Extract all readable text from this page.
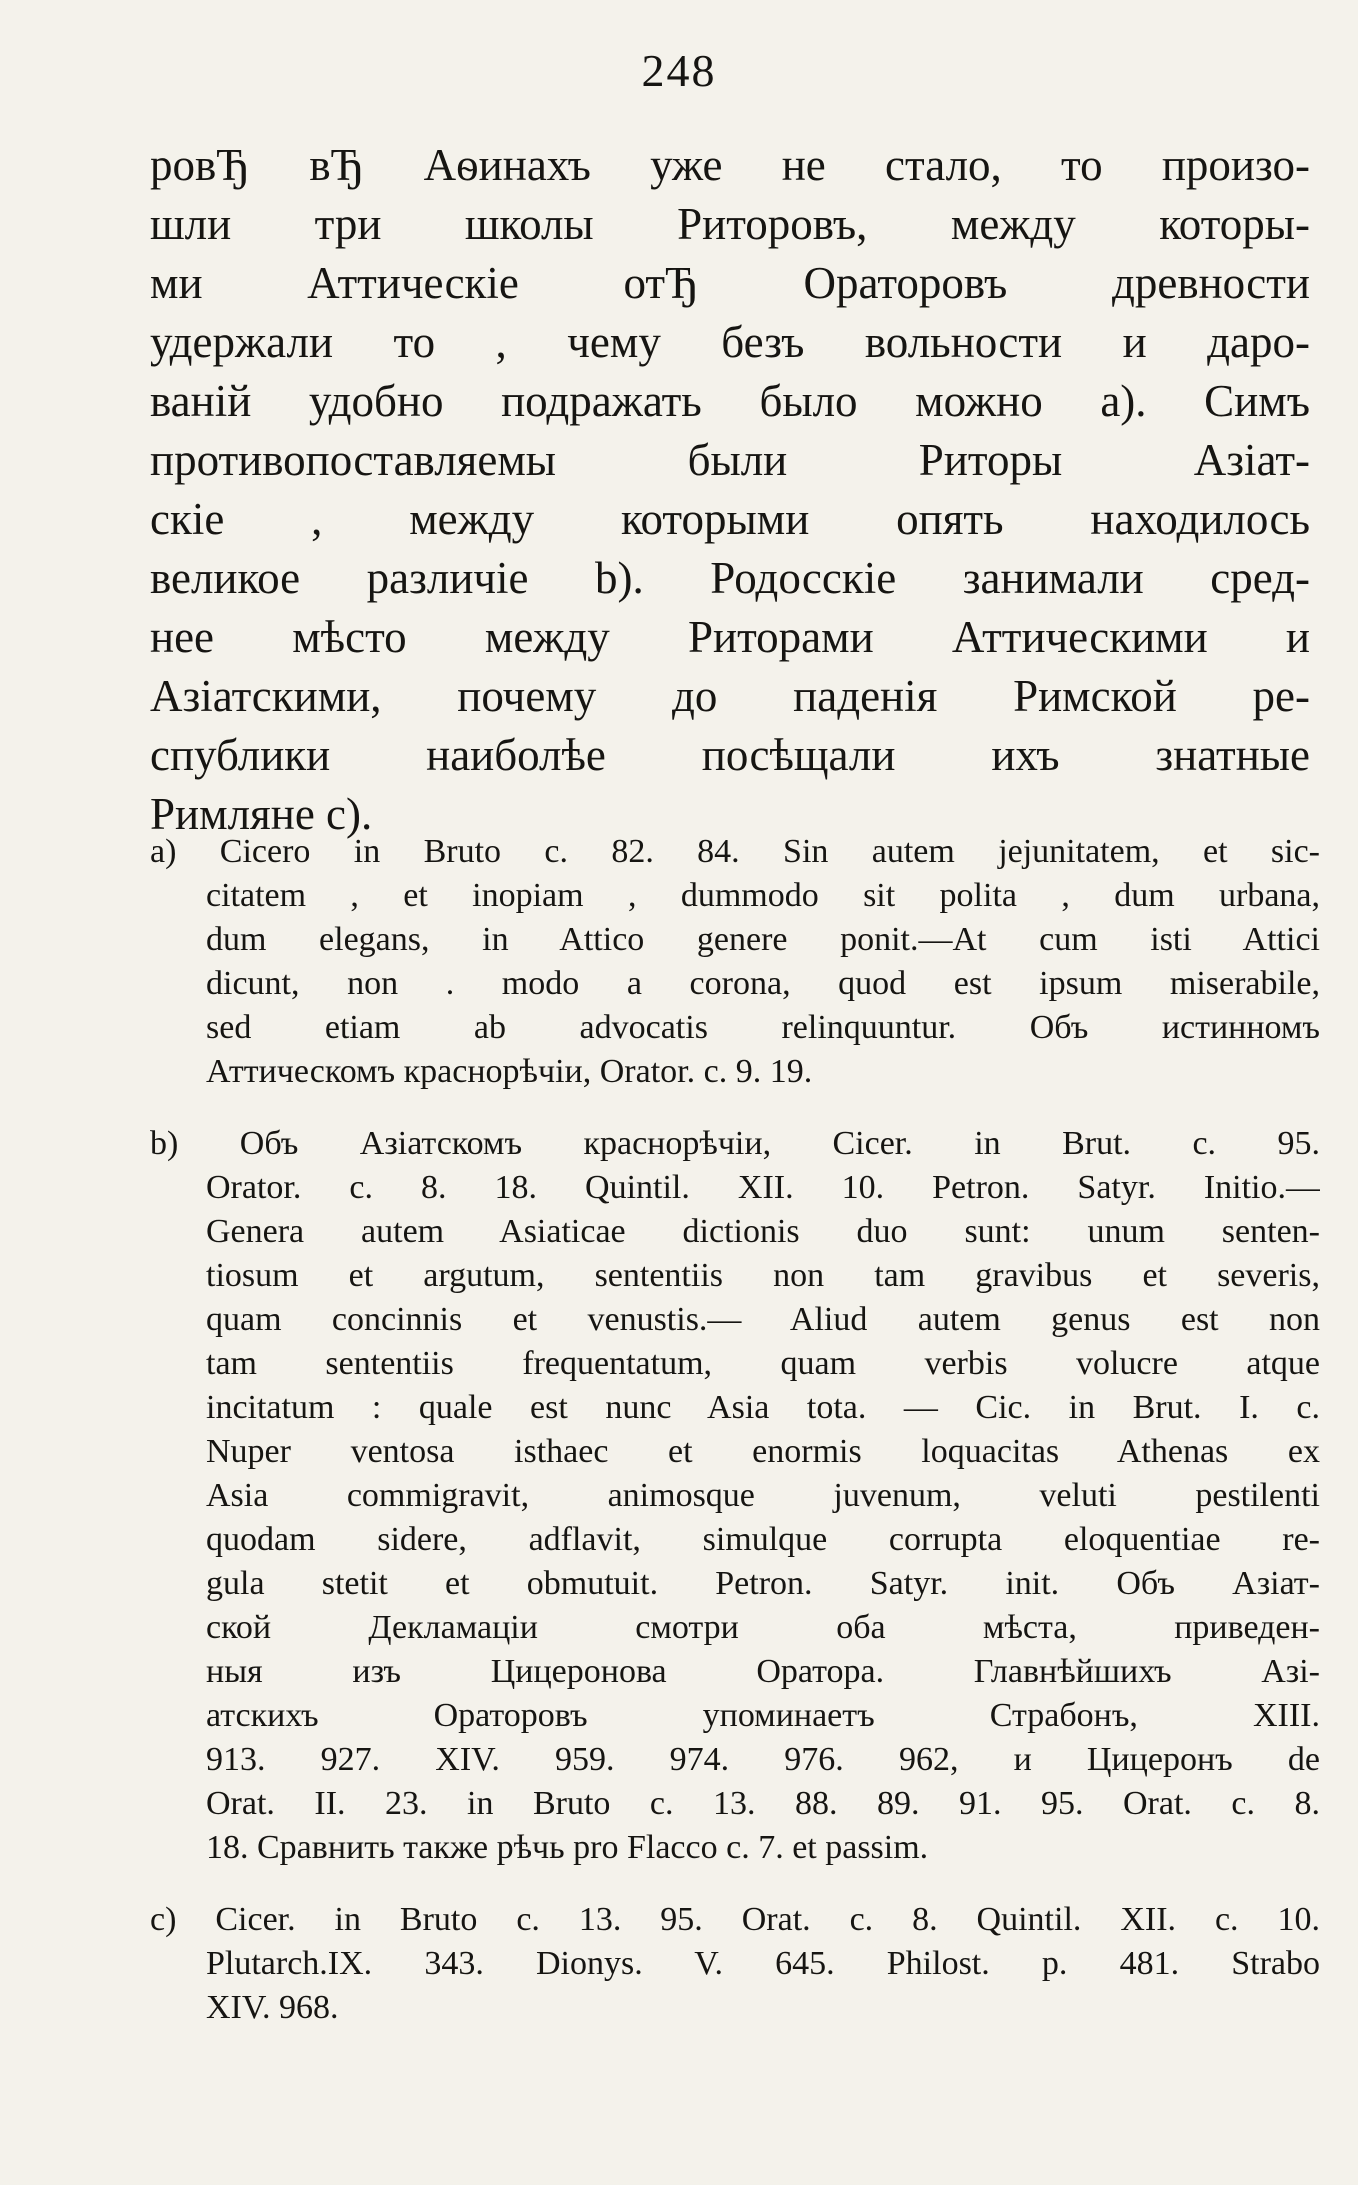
248
ровЂ вЂ Аѳинахъ уже не стало, то произо-
шли три школы Риторовъ, между которы-
ми Аттическіе отЂ Ораторовъ древности
удержали то , чему безъ вольности и даро-
ваній удобно подражать было можно а). Симъ
противопоставляемы были Риторы Азіат-
скіе , между которыми опять находилось
великое различіе b). Родосскіе занимали сред-
нее мѣсто между Риторами Аттическими и
Азіатскими, почему до паденія Римской ре-
спублики наиболѣе посѣщали ихъ знатные
Римляне с).
a) Cicero in Bruto c. 82. 84. Sin autem jejunitatem, et sic-
citatem , et inopiam , dummodo sit polita , dum urbana,
dum elegans, in Attico genere ponit.—At cum isti Attici
dicunt, non . modo a corona, quod est ipsum miserabile,
sed etiam ab advocatis relinquuntur. Объ истинномъ
Аттическомъ краснорѣчіи, Orator. c. 9. 19.
b) Объ Азіатскомъ краснорѣчіи, Cicer. in Brut. c. 95.
Orator. c. 8. 18. Quintil. XII. 10. Petron. Satyr. Initio.—
Genera autem Asiaticae dictionis duo sunt: unum senten-
tiosum et argutum, sententiis non tam gravibus et severis,
quam concinnis et venustis.— Aliud autem genus est non
tam sententiis frequentatum, quam verbis volucre atque
incitatum : quale est nunc Asia tota. — Cic. in Brut. I. c.
Nuper ventosa isthaec et enormis loquacitas Athenas ex
Asia commigravit, animosque juvenum, veluti pestilenti
quodam sidere, adflavit, simulque corrupta eloquentiae re-
gula stetit et obmutuit. Petron. Satyr. init. Объ Азіат-
ской Декламаціи смотри оба мѣста, приведен-
ныя изъ Цицеронова Оратора. Главнѣйшихъ Азі-
атскихъ Ораторовъ упоминаетъ Страбонъ, XIII.
913. 927. XIV. 959. 974. 976. 962, и Цицеронъ de
Orat. II. 23. in Bruto c. 13. 88. 89. 91. 95. Orat. c. 8.
18. Сравнить также рѣчь pro Flacco c. 7. et passim.
c) Cicer. in Bruto c. 13. 95. Orat. c. 8. Quintil. XII. c. 10.
Plutarch.IX. 343. Dionys. V. 645. Philost. p. 481. Strabo
XIV. 968.
